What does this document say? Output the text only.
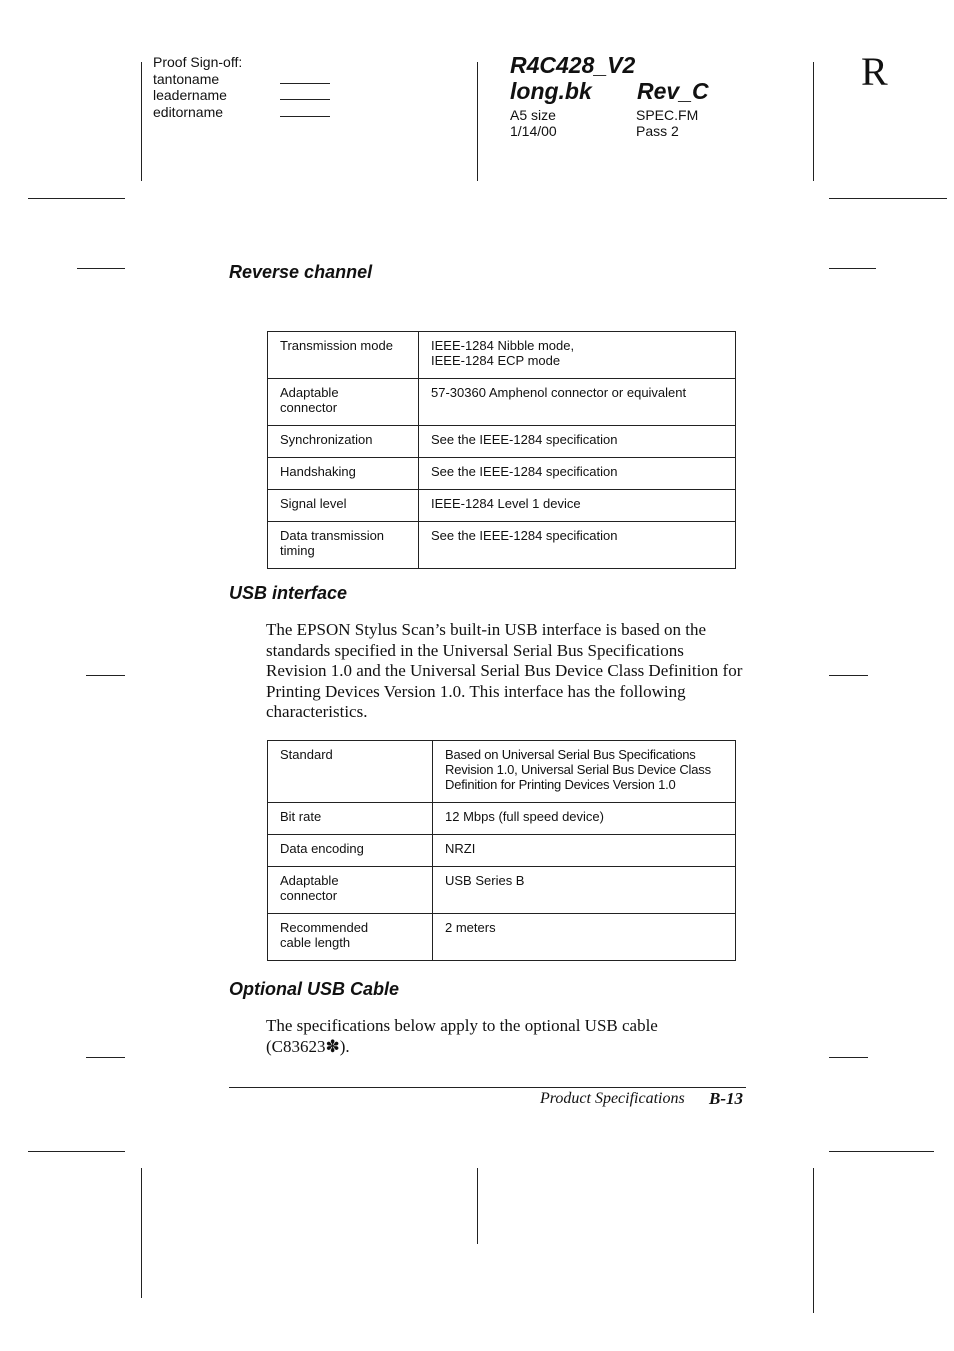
Proof Sign-off:
tantoname
leadername
editorname
R4C428_V2
long.bk Rev_C
A5 size	SPEC.FM
1/14/00	Pass 2
R
Reverse channel
Transmission mode	IEEE-1284 Nibble mode,
IEEE-1284 ECP mode
Adaptable
connector	57-30360 Amphenol connector or equivalent
Synchronization	See the IEEE-1284 specification
Handshaking	See the IEEE-1284 specification
Signal level	IEEE-1284 Level 1 device
Data transmission
timing	See the IEEE-1284 specification
USB interface
The EPSON Stylus Scan’s built-in USB interface is based on the standards specified in the Universal Serial Bus Specifications Revision 1.0 and the Universal Serial Bus Device Class Definition for Printing Devices Version 1.0. This interface has the following characteristics.
Standard	Based on Universal Serial Bus Specifications
Revision 1.0, Universal Serial Bus Device Class
Definition for Printing Devices Version 1.0
Bit rate	12 Mbps (full speed device)
Data encoding	NRZI
Adaptable
connector	USB Series B
Recommended
cable length	2 meters
Optional USB Cable
The specifications below apply to the optional USB cable (C83623✽).
Product Specifications B-13
